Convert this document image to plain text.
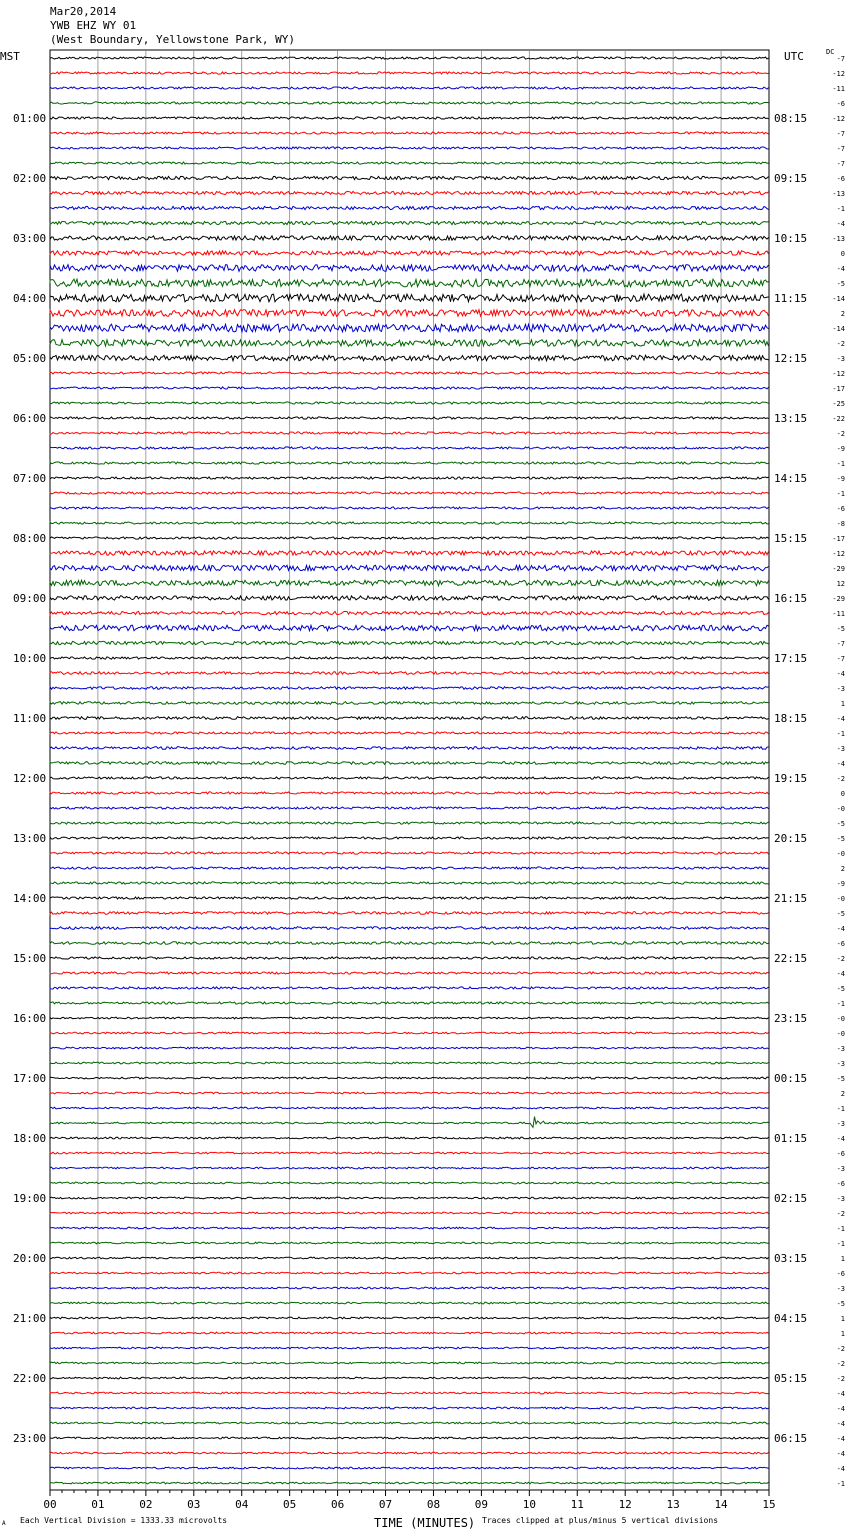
Mar20,2014
YWB EHZ WY 01
(West Boundary, Yellowstone Park, WY)
MST	UTC	DC
01:00
02:00
03:00
04:00
05:00
06:00
07:00
08:00
09:00
10:00
11:00
12:00
13:00
14:00
15:00
16:00
17:00
18:00
19:00
20:00
21:00
22:00
23:00
08:15
09:15
10:15
11:15
12:15
13:15
14:15
15:15
16:15
17:15
18:15
19:15
20:15
21:15
22:15
23:15
00:15
01:15
02:15
03:15
04:15
05:15
06:15
-7
-12
-11
-6
-12
-7
-7
-7
-6
-13
-1
-4
-13
0
-4
-5
-14
2
-14
-2
-3
-12
-17
-25
-22
-2
-9
-1
-9
-1
-6
-8
-17
-12
-29
12
-29
-11
-5
-7
-7
-4
-3
1
-4
-1
-3
-4
-2
0
-0
-5
-5
-0
2
-9
-0
-5
-4
-6
-2
-4
-5
-1
-0
-0
-3
-3
-5
2
-1
-3
-4
-6
-3
-6
-3
-2
-1
-1
1
-6
-3
-5
1
1
-2
-2
-2
-4
-4
-4
-4
-4
-4
-1
00	01	02	03	04	05	06	07	08	09	10	11	12	13	14	15
A Each Vertical Division = 1333.33 microvolts	TIME (MINUTES) Traces clipped at plus/minus 5 vertical divisions
